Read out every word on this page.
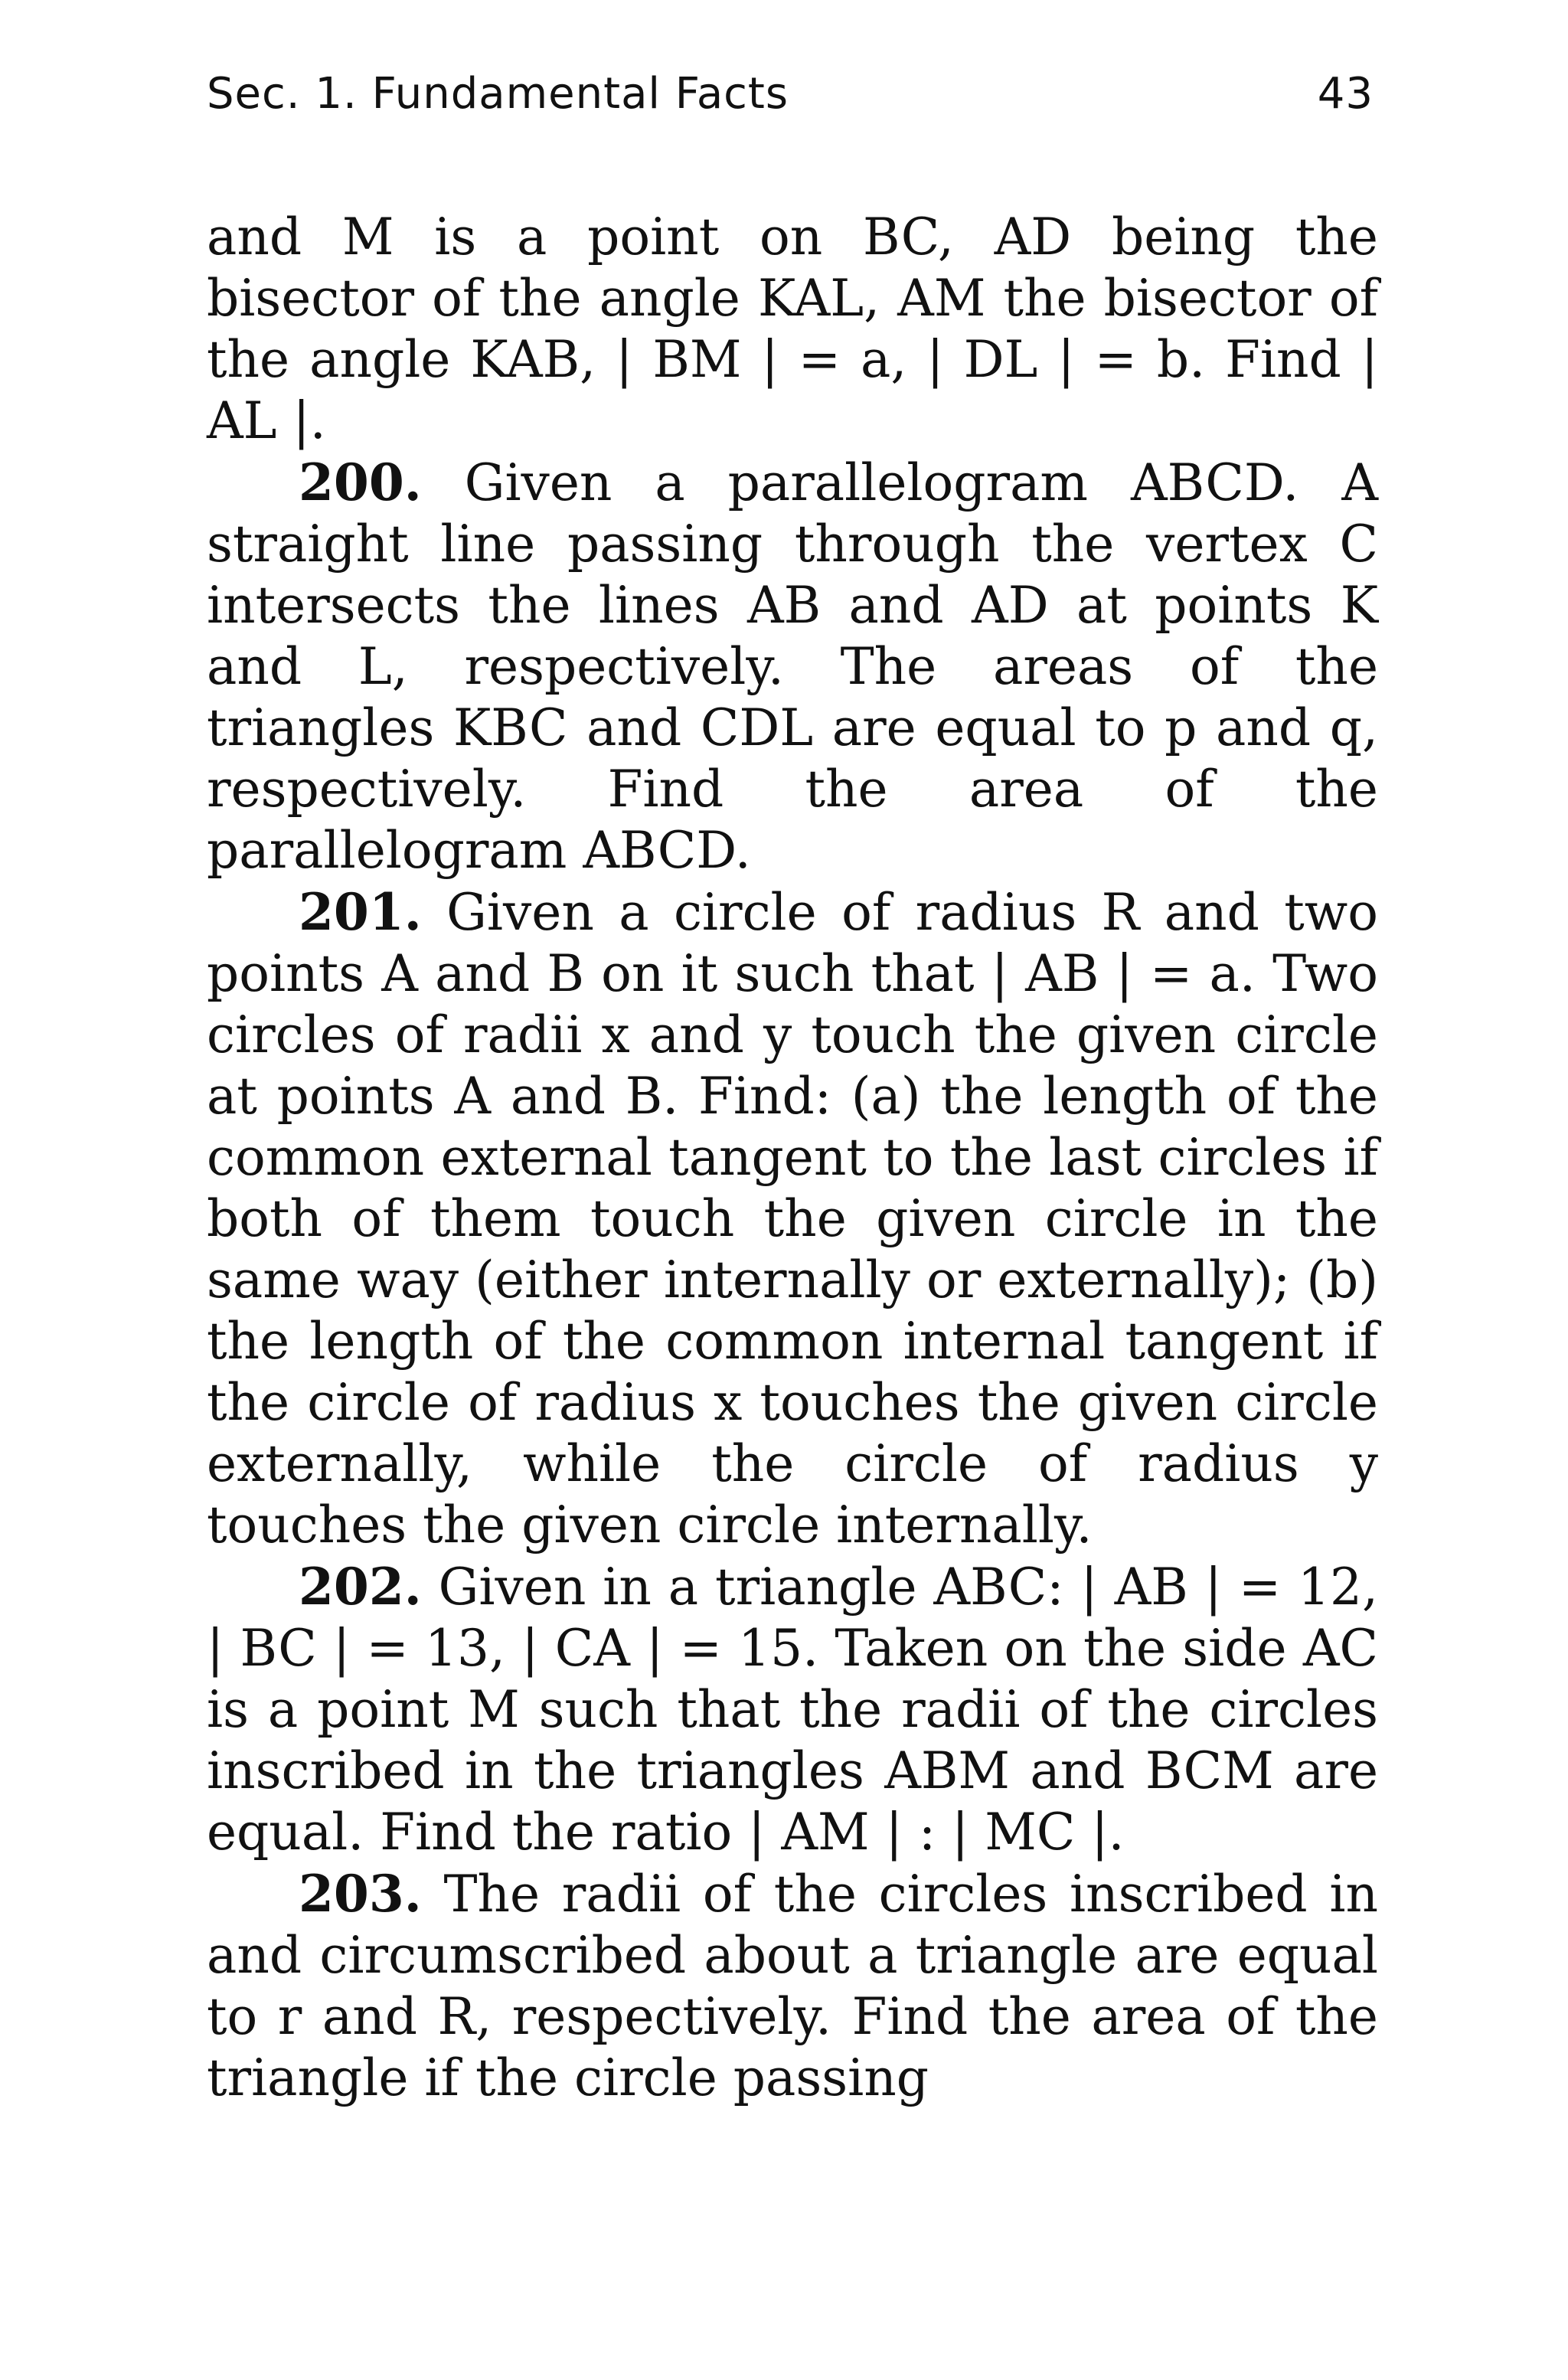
Sec. 1. Fundamental Facts	43

and M is a point on BC, AD being the bisector of the angle KAL, AM the bisector of the angle KAB, | BM | = a, | DL | = b. Find | AL |.

200. Given a parallelogram ABCD. A straight line passing through the vertex C intersects the lines AB and AD at points K and L, respectively. The areas of the triangles KBC and CDL are equal to p and q, respectively. Find the area of the parallelogram ABCD.

201. Given a circle of radius R and two points A and B on it such that | AB | = a. Two circles of radii x and y touch the given circle at points A and B. Find: (a) the length of the common external tangent to the last circles if both of them touch the given circle in the same way (either internally or externally); (b) the length of the common internal tangent if the circle of radius x touches the given circle externally, while the circle of radius y touches the given circle internally.

202. Given in a triangle ABC: | AB | = 12, | BC | = 13, | CA | = 15. Taken on the side AC is a point M such that the radii of the circles inscribed in the triangles ABM and BCM are equal. Find the ratio | AM | : | MC |.

203. The radii of the circles inscribed in and circumscribed about a triangle are equal to r and R, respectively. Find the area of the triangle if the circle passing
